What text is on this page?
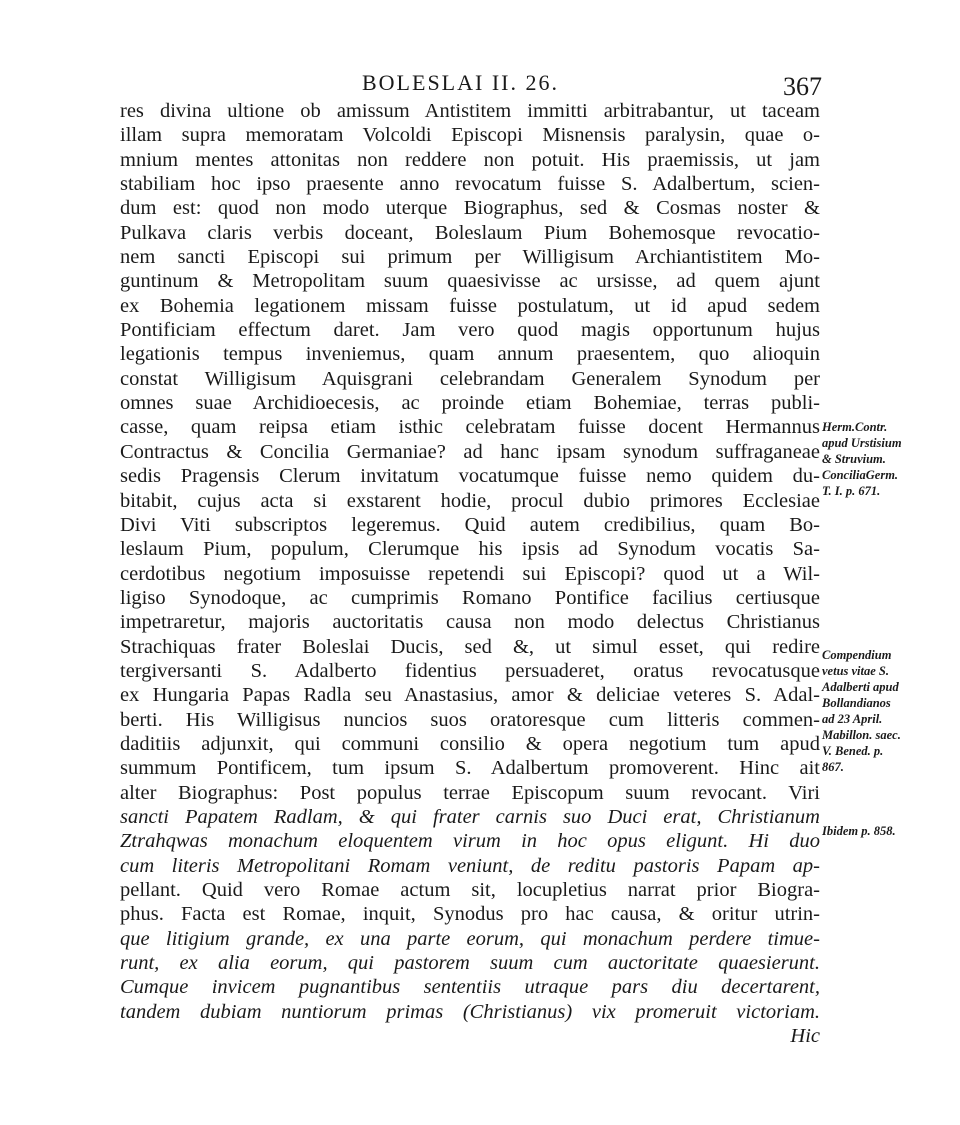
BOLESLAI II. 26.	367
res divina ultione ob amissum Antistitem immitti arbitrabantur, ut taceam
illam supra memoratam Volcoldi Episcopi Misnensis paralysin, quae o-
mnium mentes attonitas non reddere non potuit. His praemissis, ut jam
stabiliam hoc ipso praesente anno revocatum fuisse S. Adalbertum, scien-
dum est: quod non modo uterque Biographus, sed & Cosmas noster &
Pulkava claris verbis doceant, Boleslaum Pium Bohemosque revocatio-
nem sancti Episcopi sui primum per Willigisum Archiantistitem Mo-
guntinum & Metropolitam suum quaesivisse ac ursisse, ad quem ajunt
ex Bohemia legationem missam fuisse postulatum, ut id apud sedem
Pontificiam effectum daret. Jam vero quod magis opportunum hujus
legationis tempus inveniemus, quam annum praesentem, quo alioquin
constat Willigisum Aquisgrani celebrandam Generalem Synodum per
omnes suae Archidioecesis, ac proinde etiam Bohemiae, terras publi-
casse, quam reipsa etiam isthic celebratam fuisse docent Hermannus
Contractus & Concilia Germaniae? ad hanc ipsam synodum suffraganeae
sedis Pragensis Clerum invitatum vocatumque fuisse nemo quidem du-
bitabit, cujus acta si exstarent hodie, procul dubio primores Ecclesiae
Divi Viti subscriptos legeremus. Quid autem credibilius, quam Bo-
leslaum Pium, populum, Clerumque his ipsis ad Synodum vocatis Sa-
cerdotibus negotium imposuisse repetendi sui Episcopi? quod ut a Wil-
ligiso Synodoque, ac cumprimis Romano Pontifice facilius certiusque
impetraretur, majoris auctoritatis causa non modo delectus Christianus
Strachiquas frater Boleslai Ducis, sed &, ut simul esset, qui redire
tergiversanti S. Adalberto fidentius persuaderet, oratus revocatusque
ex Hungaria Papas Radla seu Anastasius, amor & deliciae veteres S. Adal-
berti. His Willigisus nuncios suos oratoresque cum litteris commen-
daditiis adjunxit, qui communi consilio & opera negotium tum apud
summum Pontificem, tum ipsum S. Adalbertum promoverent. Hinc ait
alter Biographus: Post populus terrae Episcopum suum revocant. Viri
sancti Papatem Radlam, & qui frater carnis suo Duci erat, Christianum
Ztrahqwas monachum eloquentem virum in hoc opus eligunt. Hi duo
cum literis Metropolitani Romam veniunt, de reditu pastoris Papam ap-
pellant. Quid vero Romae actum sit, locupletius narrat prior Biogra-
phus. Facta est Romae, inquit, Synodus pro hac causa, & oritur utrin-
que litigium grande, ex una parte eorum, qui monachum perdere timue-
runt, ex alia eorum, qui pastorem suum cum auctoritate quaesierunt.
Cumque invicem pugnantibus sententiis utraque pars diu decertarent,
tandem dubiam nuntiorum primas (Christianus) vix promeruit victoriam.
Hic
Herm.Contr.
apud Urstisium
& Struvium.
ConciliaGerm.
T. I. p. 671.
Compendium
vetus vitae S.
Adalberti apud
Bollandianos
ad 23 April.
Mabillon. saec.
V. Bened. p.
867.
Ibidem p. 858.
